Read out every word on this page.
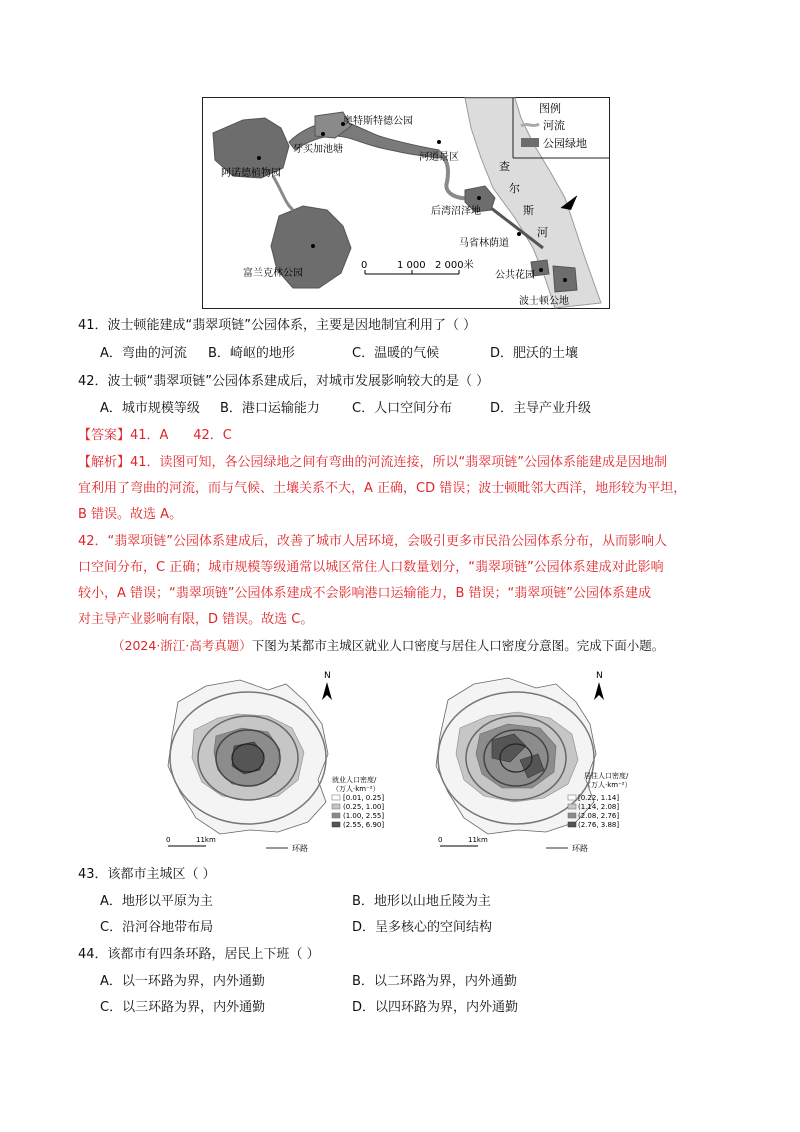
奥特斯特德公园
牙买加池塘
阿诺德植物园
河道景区
后湾沼泽地
富兰克林公园
查
尔
斯
河
马省林荫道
公共花园
波士顿公地
0	1 000 2 000米
图例
河流
公园绿地
41．波士顿能建成“翡翠项链”公园体系，主要是因地制宜利用了（ ）
A．弯曲的河流 B．崎岖的地形	C．温暖的气候	D．肥沃的土壤
42．波士顿“翡翠项链”公园体系建成后，对城市发展影响较大的是（ ）
A．城市规模等级 B．港口运输能力 C．人口空间分布	D．主导产业升级
【答案】41．A      42．C
【解析】41．读图可知，各公园绿地之间有弯曲的河流连接，所以“翡翠项链”公园体系能建成是因地制
宜利用了弯曲的河流，而与气候、土壤关系不大，A 正确，CD 错误；波士顿毗邻大西洋，地形较为平坦，
B 错误。故选 A。
42．“翡翠项链”公园体系建成后，改善了城市人居环境，会吸引更多市民沿公园体系分布，从而影响人
口空间分布，C 正确；城市规模等级通常以城区常住人口数量划分，“翡翠项链”公园体系建成对此影响
较小，A 错误；“翡翠项链”公园体系建成不会影响港口运输能力，B 错误；“翡翠项链”公园体系建成
对主导产业影响有限，D 错误。故选 C。
（2024·浙江·高考真题）下图为某都市主城区就业人口密度与居住人口密度分意图。完成下面小题。
N
就业人口密度/
（万人·km⁻²）
[0.01, 0.25]
(0.25, 1.00]
(1.00, 2.55]
(2.55, 6.90]
0	11km
环路
N
居住人口密度/
（万人·km⁻²）
[0.22, 1.14]
(1.14, 2.08]
(2.08, 2.76]
(2.76, 3.88]
0	11km
环路
43．该都市主城区（ ）
A．地形以平原为主	B．地形以山地丘陵为主
C．沿河谷地带布局	D．呈多核心的空间结构
44．该都市有四条环路，居民上下班（ ）
A．以一环路为界，内外通勤	B．以二环路为界，内外通勤
C．以三环路为界，内外通勤	D．以四环路为界，内外通勤
